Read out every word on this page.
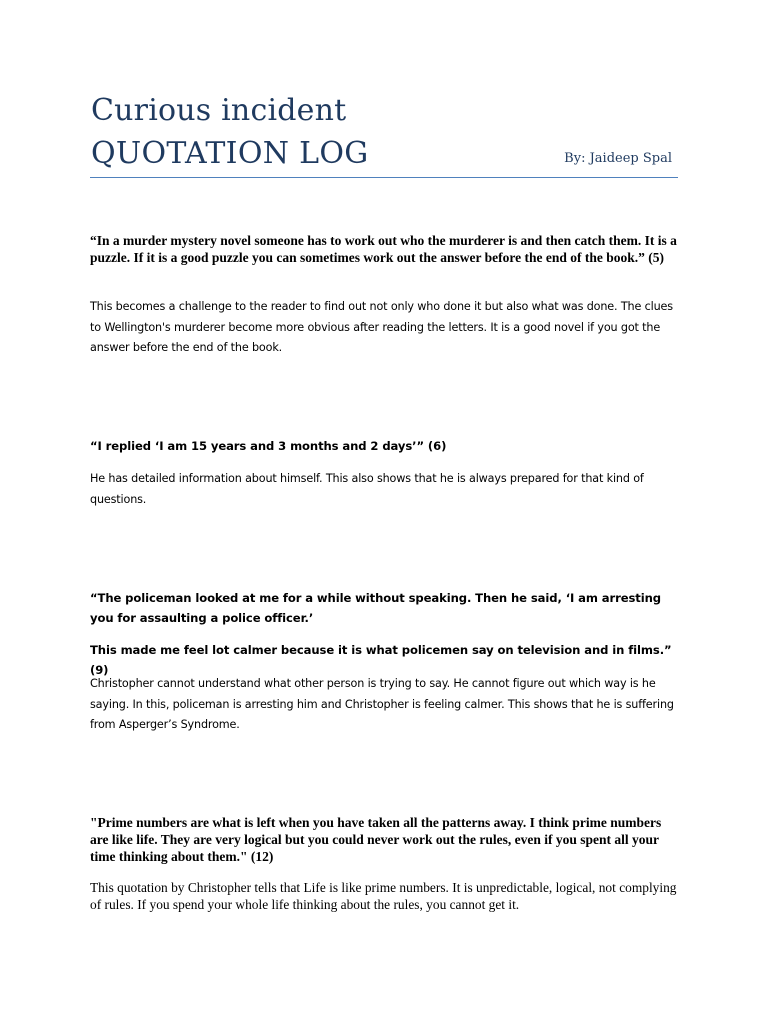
Curious incident
QUOTATION LOG	By: Jaideep Spal

“In a murder mystery novel someone has to work out who the murderer is and then catch them. It is a puzzle. If it is a good puzzle you can sometimes work out the answer before the end of the book.” (5)

This becomes a challenge to the reader to find out not only who done it but also what was done. The clues to Wellington's murderer become more obvious after reading the letters. It is a good novel if you got the answer before the end of the book.

“I replied ‘I am 15 years and 3 months and 2 days’” (6)

He has detailed information about himself. This also shows that he is always prepared for that kind of questions.

“The policeman looked at me for a while without speaking. Then he said, ‘I am arresting you for assaulting a police officer.’

This made me feel lot calmer because it is what policemen say on television and in films.” (9)

Christopher cannot understand what other person is trying to say. He cannot figure out which way is he saying. In this, policeman is arresting him and Christopher is feeling calmer. This shows that he is suffering from Asperger’s Syndrome.

"Prime numbers are what is left when you have taken all the patterns away. I think prime numbers are like life. They are very logical but you could never work out the rules, even if you spent all your time thinking about them." (12)

This quotation by Christopher tells that Life is like prime numbers. It is unpredictable, logical, not complying of rules. If you spend your whole life thinking about the rules, you cannot get it.
